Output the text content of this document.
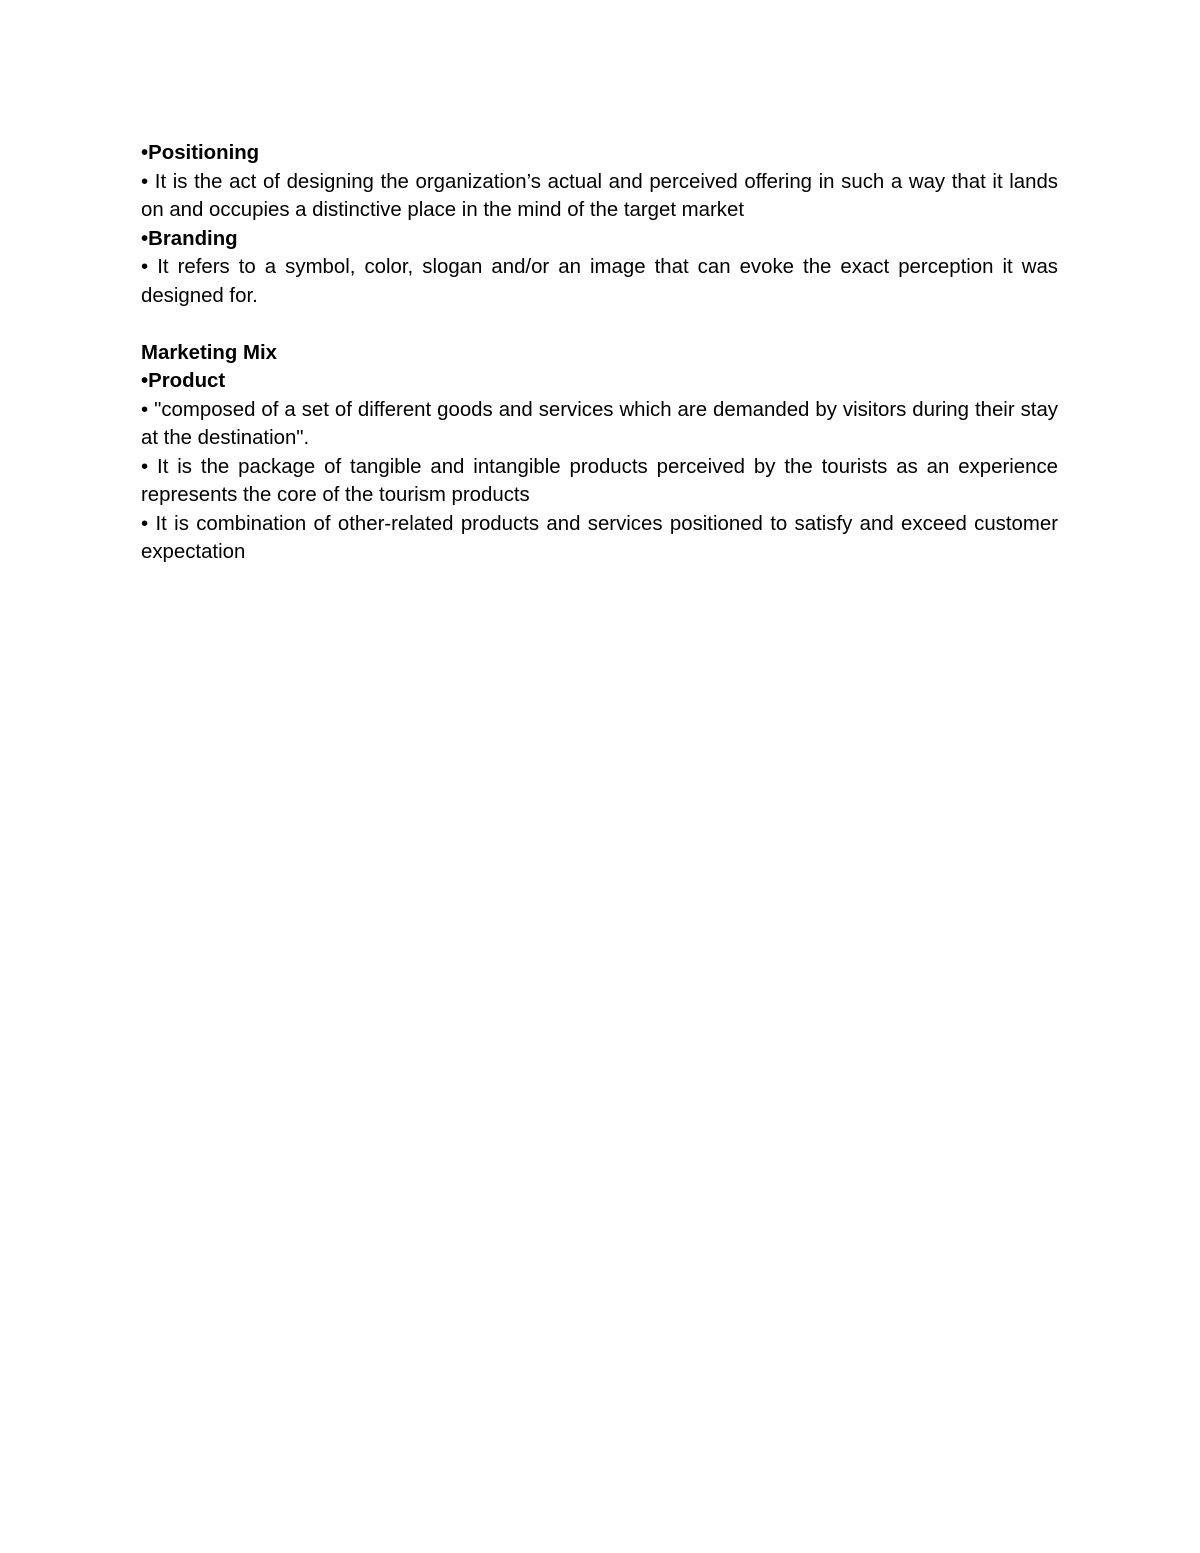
•Positioning

• It is the act of designing the organization’s actual and perceived offering in such a way that it lands on and occupies a distinctive place in the mind of the target market

•Branding

• It refers to a symbol, color, slogan and/or an image that can evoke the exact perception it was designed for.

Marketing Mix

•Product

• "composed of a set of different goods and services which are demanded by visitors during their stay at the destination".

• It is the package of tangible and intangible products perceived by the tourists as an experience represents the core of the tourism products

• It is combination of other-related products and services positioned to satisfy and exceed customer expectation
